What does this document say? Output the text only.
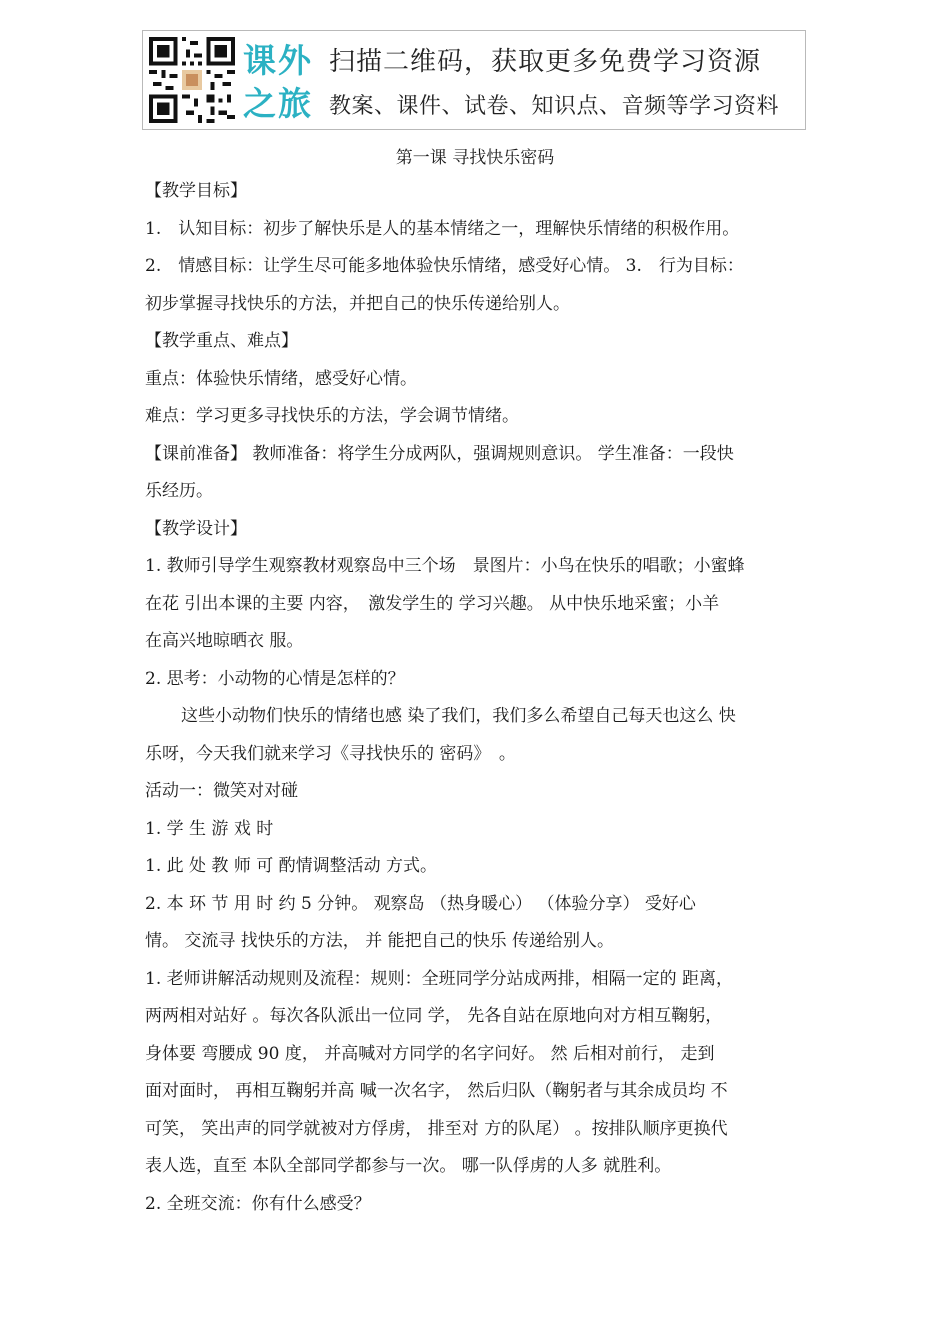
课外
之旅
扫描二维码，获取更多免费学习资源
教案、课件、试卷、知识点、音频等学习资料
第一课 寻找快乐密码
【教学目标】
1.　认知目标：初步了解快乐是人的基本情绪之一，理解快乐情绪的积极作用。
2.　情感目标：让学生尽可能多地体验快乐情绪，感受好心情。 3.　行为目标：
初步掌握寻找快乐的方法，并把自己的快乐传递给别人。
【教学重点、难点】
重点：体验快乐情绪，感受好心情。
难点：学习更多寻找快乐的方法，学会调节情绪。
【课前准备】 教师准备：将学生分成两队，强调规则意识。 学生准备：一段快
乐经历。
【教学设计】
1. 教师引导学生观察教材观察岛中三个场　景图片：小鸟在快乐的唱歌；小蜜蜂
在花 引出本课的主要 内容，　激发学生的 学习兴趣。 从中快乐地采蜜；小羊
在高兴地晾晒衣 服。
2. 思考：小动物的心情是怎样的？
这些小动物们快乐的情绪也感 染了我们，我们多么希望自己每天也这么 快
乐呀，今天我们就来学习《寻找快乐的 密码》　。
活动一：微笑对对碰
1. 学 生 游 戏 时
1. 此 处 教 师 可 酌情调整活动 方式。
2. 本 环 节 用 时 约 5 分钟。 观察岛 （热身暖心） （体验分享） 受好心
情。 交流寻 找快乐的方法， 并 能把自己的快乐 传递给别人。
1. 老师讲解活动规则及流程：规则：全班同学分站成两排，相隔一定的 距离，
两两相对站好 。每次各队派出一位同 学， 先各自站在原地向对方相互鞠躬，
身体要 弯腰成 90 度， 并高喊对方同学的名字问好。 然 后相对前行， 走到
面对面时， 再相互鞠躬并高 喊一次名字， 然后归队（鞠躬者与其余成员均 不
可笑， 笑出声的同学就被对方俘虏， 排至对 方的队尾） 。按排队顺序更换代
表人选，直至 本队全部同学都参与一次。 哪一队俘虏的人多 就胜利。
2. 全班交流：你有什么感受？
